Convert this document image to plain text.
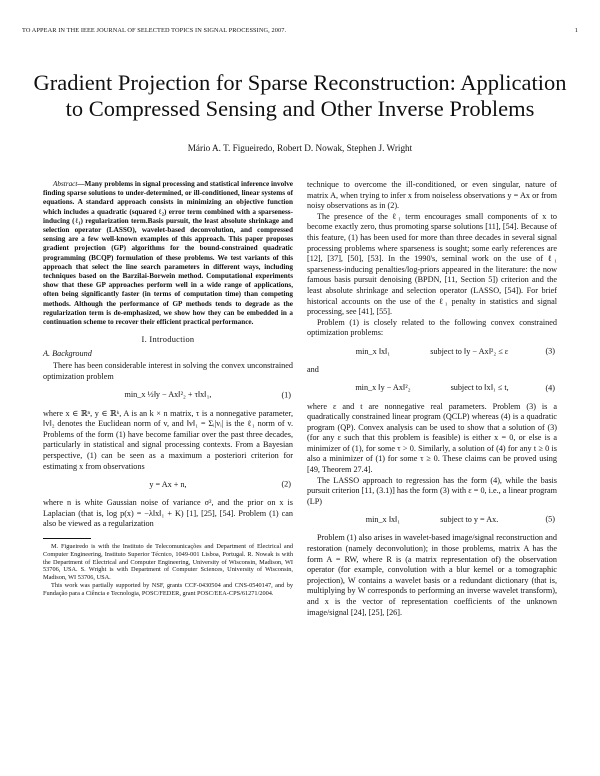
TO APPEAR IN THE IEEE JOURNAL OF SELECTED TOPICS IN SIGNAL PROCESSING, 2007.	1
Gradient Projection for Sparse Reconstruction: Application to Compressed Sensing and Other Inverse Problems
Mário A. T. Figueiredo, Robert D. Nowak, Stephen J. Wright

Abstract—Many problems in signal processing and statistical inference involve finding sparse solutions to under-determined, or ill-conditioned, linear systems of equations. A standard approach consists in minimizing an objective function which includes a quadratic (squared ℓ₂) error term combined with a sparseness-inducing (ℓ₁) regularization term.Basis pursuit, the least absolute shrinkage and selection operator (LASSO), wavelet-based deconvolution, and compressed sensing are a few well-known examples of this approach. This paper proposes gradient projection (GP) algorithms for the bound-constrained quadratic programming (BCQP) formulation of these problems. We test variants of this approach that select the line search parameters in different ways, including techniques based on the Barzilai-Borwein method. Computational experiments show that these GP approaches perform well in a wide range of applications, often being significantly faster (in terms of computation time) than competing methods. Although the performance of GP methods tends to degrade as the regularization term is de-emphasized, we show how they can be embedded in a continuation scheme to recover their efficient practical performance.

I. Introduction
A. Background

There has been considerable interest in solving the convex unconstrained optimization problem

min_x ½‖y − Ax‖²₂ + τ‖x‖₁,	(1)

where x ∈ ℝⁿ, y ∈ ℝᵏ, A is an k × n matrix, τ is a nonnegative parameter, ‖v‖₂ denotes the Euclidean norm of v, and ‖v‖₁ = Σᵢ|vᵢ| is the ℓ₁ norm of v. Problems of the form (1) have become familiar over the past three decades, particularly in statistical and signal processing contexts. From a Bayesian perspective, (1) can be seen as a maximum a posteriori criterion for estimating x from observations

y = Ax + n,	(2)

where n is white Gaussian noise of variance σ², and the prior on x is Laplacian (that is, log p(x) = −λ‖x‖₁ + K) [1], [25], [54]. Problem (1) can also be viewed as a regularization

M. Figueiredo is with the Instituto de Telecomunicações and Department of Electrical and Computer Engineering, Instituto Superior Técnico, 1049-001 Lisboa, Portugal. R. Nowak is with the Department of Electrical and Computer Engineering, University of Wisconsin, Madison, WI 53706, USA. S. Wright is with Department of Computer Sciences, University of Wisconsin, Madison, WI 53706, USA.

This work was partially supported by NSF, grants CCF-0430504 and CNS-0540147, and by Fundação para a Ciência e Tecnologia, POSC/FEDER, grant POSC/EEA-CPS/61271/2004.

technique to overcome the ill-conditioned, or even singular, nature of matrix A, when trying to infer x from noiseless observations y = Ax or from noisy observations as in (2).

The presence of the ℓ₁ term encourages small components of x to become exactly zero, thus promoting sparse solutions [11], [54]. Because of this feature, (1) has been used for more than three decades in several signal processing problems where sparseness is sought; some early references are [12], [37], [50], [53]. In the 1990's, seminal work on the use of ℓ₁ sparseness-inducing penalties/log-priors appeared in the literature: the now famous basis pursuit denoising (BPDN, [11, Section 5]) criterion and the least absolute shrinkage and selection operator (LASSO, [54]). For brief historical accounts on the use of the ℓ₁ penalty in statistics and signal processing, see [41], [55].

Problem (1) is closely related to the following convex constrained optimization problems:

min_x ‖x‖₁	subject to ‖y − Ax‖²₂ ≤ ε	(3)

and

min_x ‖y − Ax‖²₂	subject to ‖x‖₁ ≤ t,	(4)

where ε and t are nonnegative real parameters. Problem (3) is a quadratically constrained linear program (QCLP) whereas (4) is a quadratic program (QP). Convex analysis can be used to show that a solution of (3) (for any ε such that this problem is feasible) is either x = 0, or else is a minimizer of (1), for some τ > 0. Similarly, a solution of (4) for any t ≥ 0 is also a minimizer of (1) for some τ ≥ 0. These claims can be proved using [49, Theorem 27.4].

The LASSO approach to regression has the form (4), while the basis pursuit criterion [11, (3.1)] has the form (3) with ε = 0, i.e., a linear program (LP)

min_x ‖x‖₁	subject to y = Ax.	(5)

Problem (1) also arises in wavelet-based image/signal reconstruction and restoration (namely deconvolution); in those problems, matrix A has the form A = RW, where R is (a matrix representation of) the observation operator (for example, convolution with a blur kernel or a tomographic projection), W contains a wavelet basis or a redundant dictionary (that is, multiplying by W corresponds to performing an inverse wavelet transform), and x is the vector of representation coefficients of the unknown image/signal [24], [25], [26].
